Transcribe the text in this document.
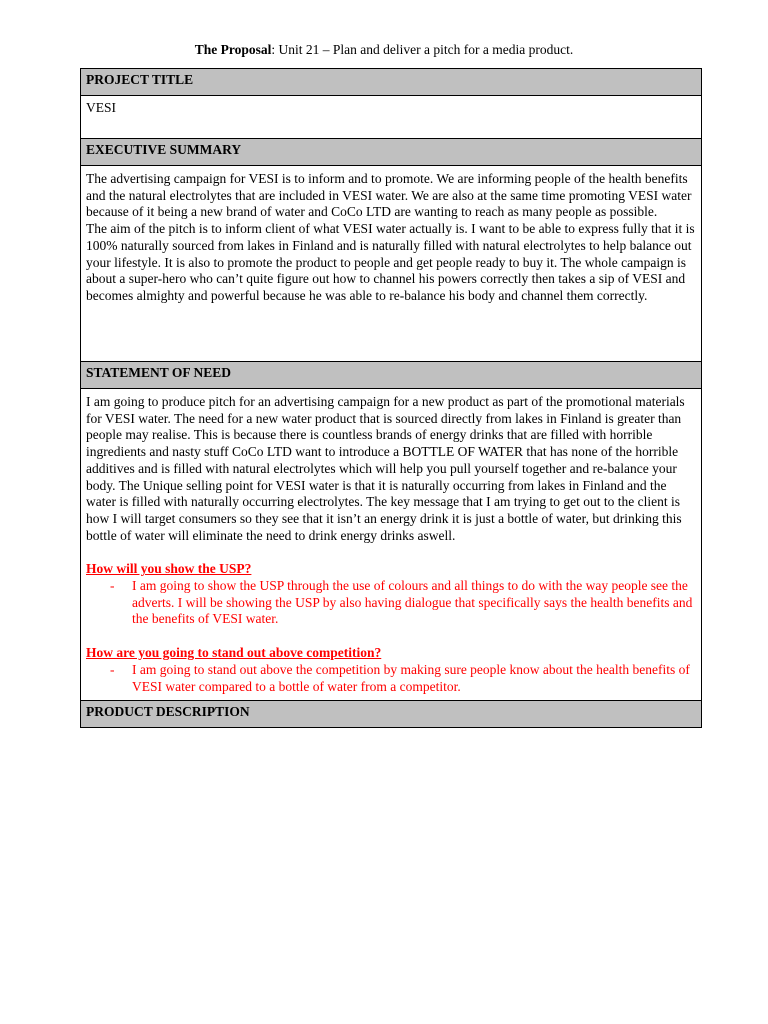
The Proposal: Unit 21 – Plan and deliver a pitch for a media product.
PROJECT TITLE
VESI
EXECUTIVE SUMMARY

The advertising campaign for VESI is to inform and to promote. We are informing people of the health benefits and the natural electrolytes that are included in VESI water. We are also at the same time promoting VESI water because of it being a new brand of water and CoCo LTD are wanting to reach as many people as possible.

The aim of the pitch is to inform client of what VESI water actually is. I want to be able to express fully that it is 100% naturally sourced from lakes in Finland and is naturally filled with natural electrolytes to help balance out your lifestyle. It is also to promote the product to people and get people ready to buy it. The whole campaign is about a super-hero who can’t quite figure out how to channel his powers correctly then takes a sip of VESI and becomes almighty and powerful because he was able to re-balance his body and channel them correctly.

STATEMENT OF NEED

I am going to produce pitch for an advertising campaign for a new product as part of the promotional materials for VESI water. The need for a new water product that is sourced directly from lakes in Finland is greater than people may realise. This is because there is countless brands of energy drinks that are filled with horrible ingredients and nasty stuff CoCo LTD want to introduce a BOTTLE OF WATER that has none of the horrible additives and is filled with natural electrolytes which will help you pull yourself together and re-balance your body. The Unique selling point for VESI water is that it is naturally occurring from lakes in Finland and the water is filled with naturally occurring electrolytes. The key message that I am trying to get out to the client is how I will target consumers so they see that it isn’t an energy drink it is just a bottle of water, but drinking this bottle of water will eliminate the need to drink energy drinks aswell.

How will you show the USP?

- I am going to show the USP through the use of colours and all things to do with the way people see the adverts. I will be showing the USP by also having dialogue that specifically says the health benefits and the benefits of VESI water.

How are you going to stand out above competition?

- I am going to stand out above the competition by making sure people know about the health benefits of VESI water compared to a bottle of water from a competitor.

PRODUCT DESCRIPTION
